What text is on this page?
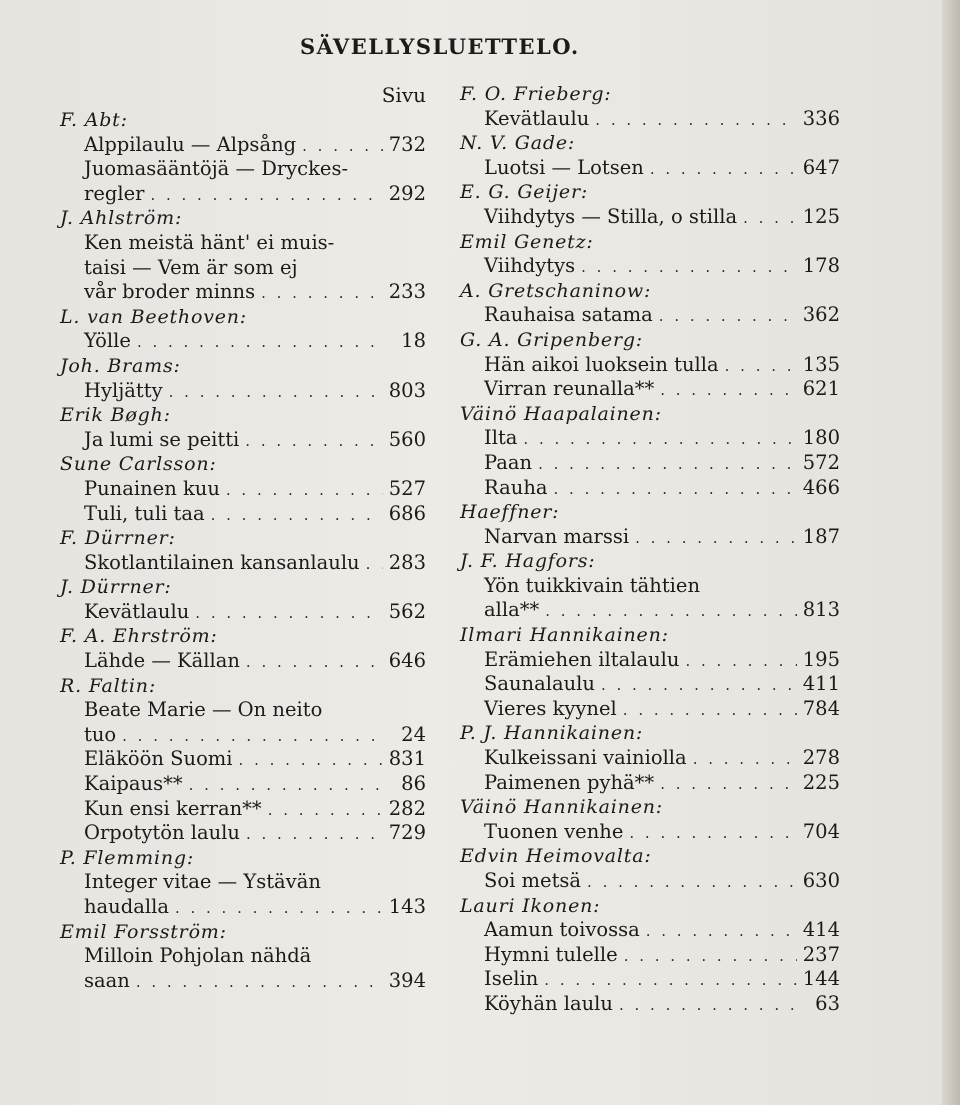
SÄVELLYSLUETTELO.
Sivu
F. Abt:
Alppilaulu — Alpsång . . .	732
Juomasääntöjä — Dryckes-
regler . . .	292
J. Ahlström:
Ken meistä hänt' ei muis-
taisi — Vem är som ej
vår broder minns . . .	233
L. van Beethoven:
Yölle . . .	18
Joh. Brams:
Hyljätty . . .	803
Erik Bøgh:
Ja lumi se peitti . . .	560
Sune Carlsson:
Punainen kuu . . .	527
Tuli, tuli taa . . .	686
F. Dürrner:
Skotlantilainen kansanlaulu . . . 283
J. Dürrner:
Kevätlaulu . . .	562
F. A. Ehrström:
Lähde — Källan . . .	646
R. Faltin:
Beate Marie — On neito
tuo . . .	24
Eläköön Suomi . . .	831
Kaipaus** . . .	86
Kun ensi kerran** . . .	282
Orpotytön laulu . . .	729
P. Flemming:
Integer vitae — Ystävän
haudalla . . .	143
Emil Forsström:
Milloin Pohjolan nähdä
saan . . .	394
F. O. Frieberg:
Kevätlaulu . . .	336
N. V. Gade:
Luotsi — Lotsen . . .	647
E. G. Geijer:
Viihdytys — Stilla, o stilla . . .	125
Emil Genetz:
Viihdytys . . .	178
A. Gretschaninow:
Rauhaisa satama . . .	362
G. A. Gripenberg:
Hän aikoi luoksein tulla . . .	135
Virran reunalla** . . .	621
Väinö Haapalainen:
Ilta . . .	180
Paan . . .	572
Rauha . . .	466
Haeffner:
Narvan marssi . . .	187
J. F. Hagfors:
Yön tuikkivain tähtien
alla** . . .	813
Ilmari Hannikainen:
Erämiehen iltalaulu . . .	195
Saunalaulu . . .	411
Vieres kyynel . . .	784
P. J. Hannikainen:
Kulkeissani vainiolla . . .	278
Paimenen pyhä** . . .	225
Väinö Hannikainen:
Tuonen venhe . . .	704
Edvin Heimovalta:
Soi metsä . . .	630
Lauri Ikonen:
Aamun toivossa . . .	414
Hymni tulelle . . .	237
Iselin . . .	144
Köyhän laulu . . .	63
